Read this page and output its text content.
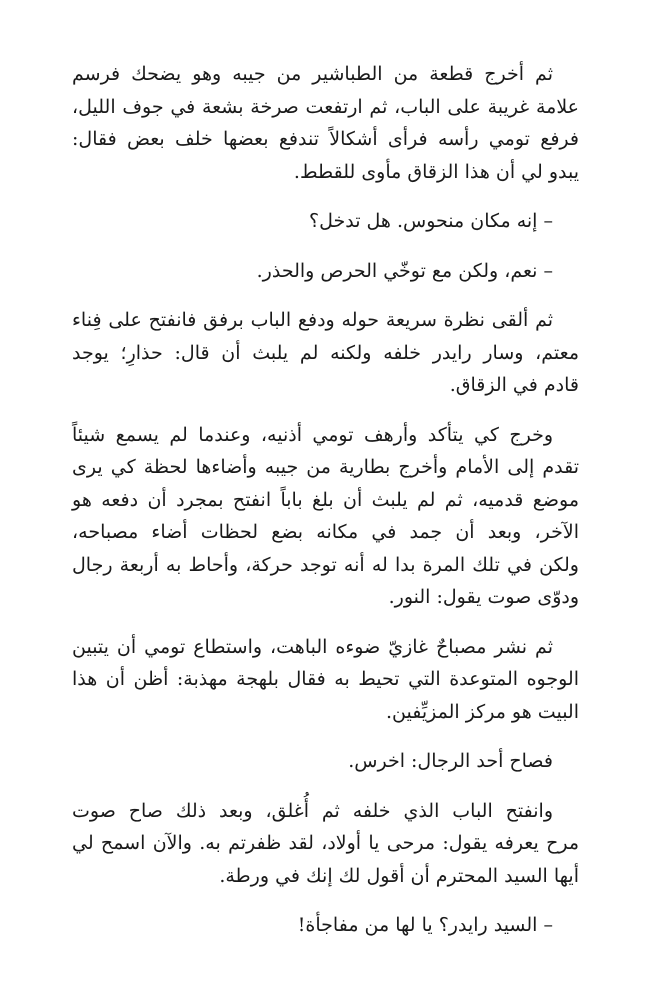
ثم أخرج قطعة من الطباشير من جيبه وهو يضحك فرسم
علامة غريبة على الباب، ثم ارتفعت صرخة بشعة في جوف الليل،
فرفع تومي رأسه فرأى أشكالاً تندفع بعضها خلف بعض فقال:
يبدو لي أن هذا الزقاق مأوى للقطط.

– إنه مكان منحوس. هل تدخل؟

– نعم، ولكن مع توخّي الحرص والحذر.

ثم ألقى نظرة سريعة حوله ودفع الباب برفق فانفتح على فِناء
معتم، وسار رايدر خلفه ولكنه لم يلبث أن قال: حذارِ؛ يوجد
قادم في الزقاق.

وخرج كي يتأكد وأرهف تومي أذنيه، وعندما لم يسمع شيئاً
تقدم إلى الأمام وأخرج بطارية من جيبه وأضاءها لحظة كي يرى
موضع قدميه، ثم لم يلبث أن بلغ باباً انفتح بمجرد أن دفعه هو
الآخر، وبعد أن جمد في مكانه بضع لحظات أضاء مصباحه،
ولكن في تلك المرة بدا له أنه توجد حركة، وأحاط به أربعة رجال
ودوّى صوت يقول: النور.

ثم نشر مصباحٌ غازيّ ضوءه الباهت، واستطاع تومي أن يتبين
الوجوه المتوعدة التي تحيط به فقال بلهجة مهذبة: أظن أن هذا
البيت هو مركز المزيِّفين.

فصاح أحد الرجال: اخرس.

وانفتح الباب الذي خلفه ثم أُغلق، وبعد ذلك صاح صوت
مرح يعرفه يقول: مرحى يا أولاد، لقد ظفرتم به. والآن اسمح لي
أيها السيد المحترم أن أقول لك إنك في ورطة.

– السيد رايدر؟ يا لها من مفاجأة!
